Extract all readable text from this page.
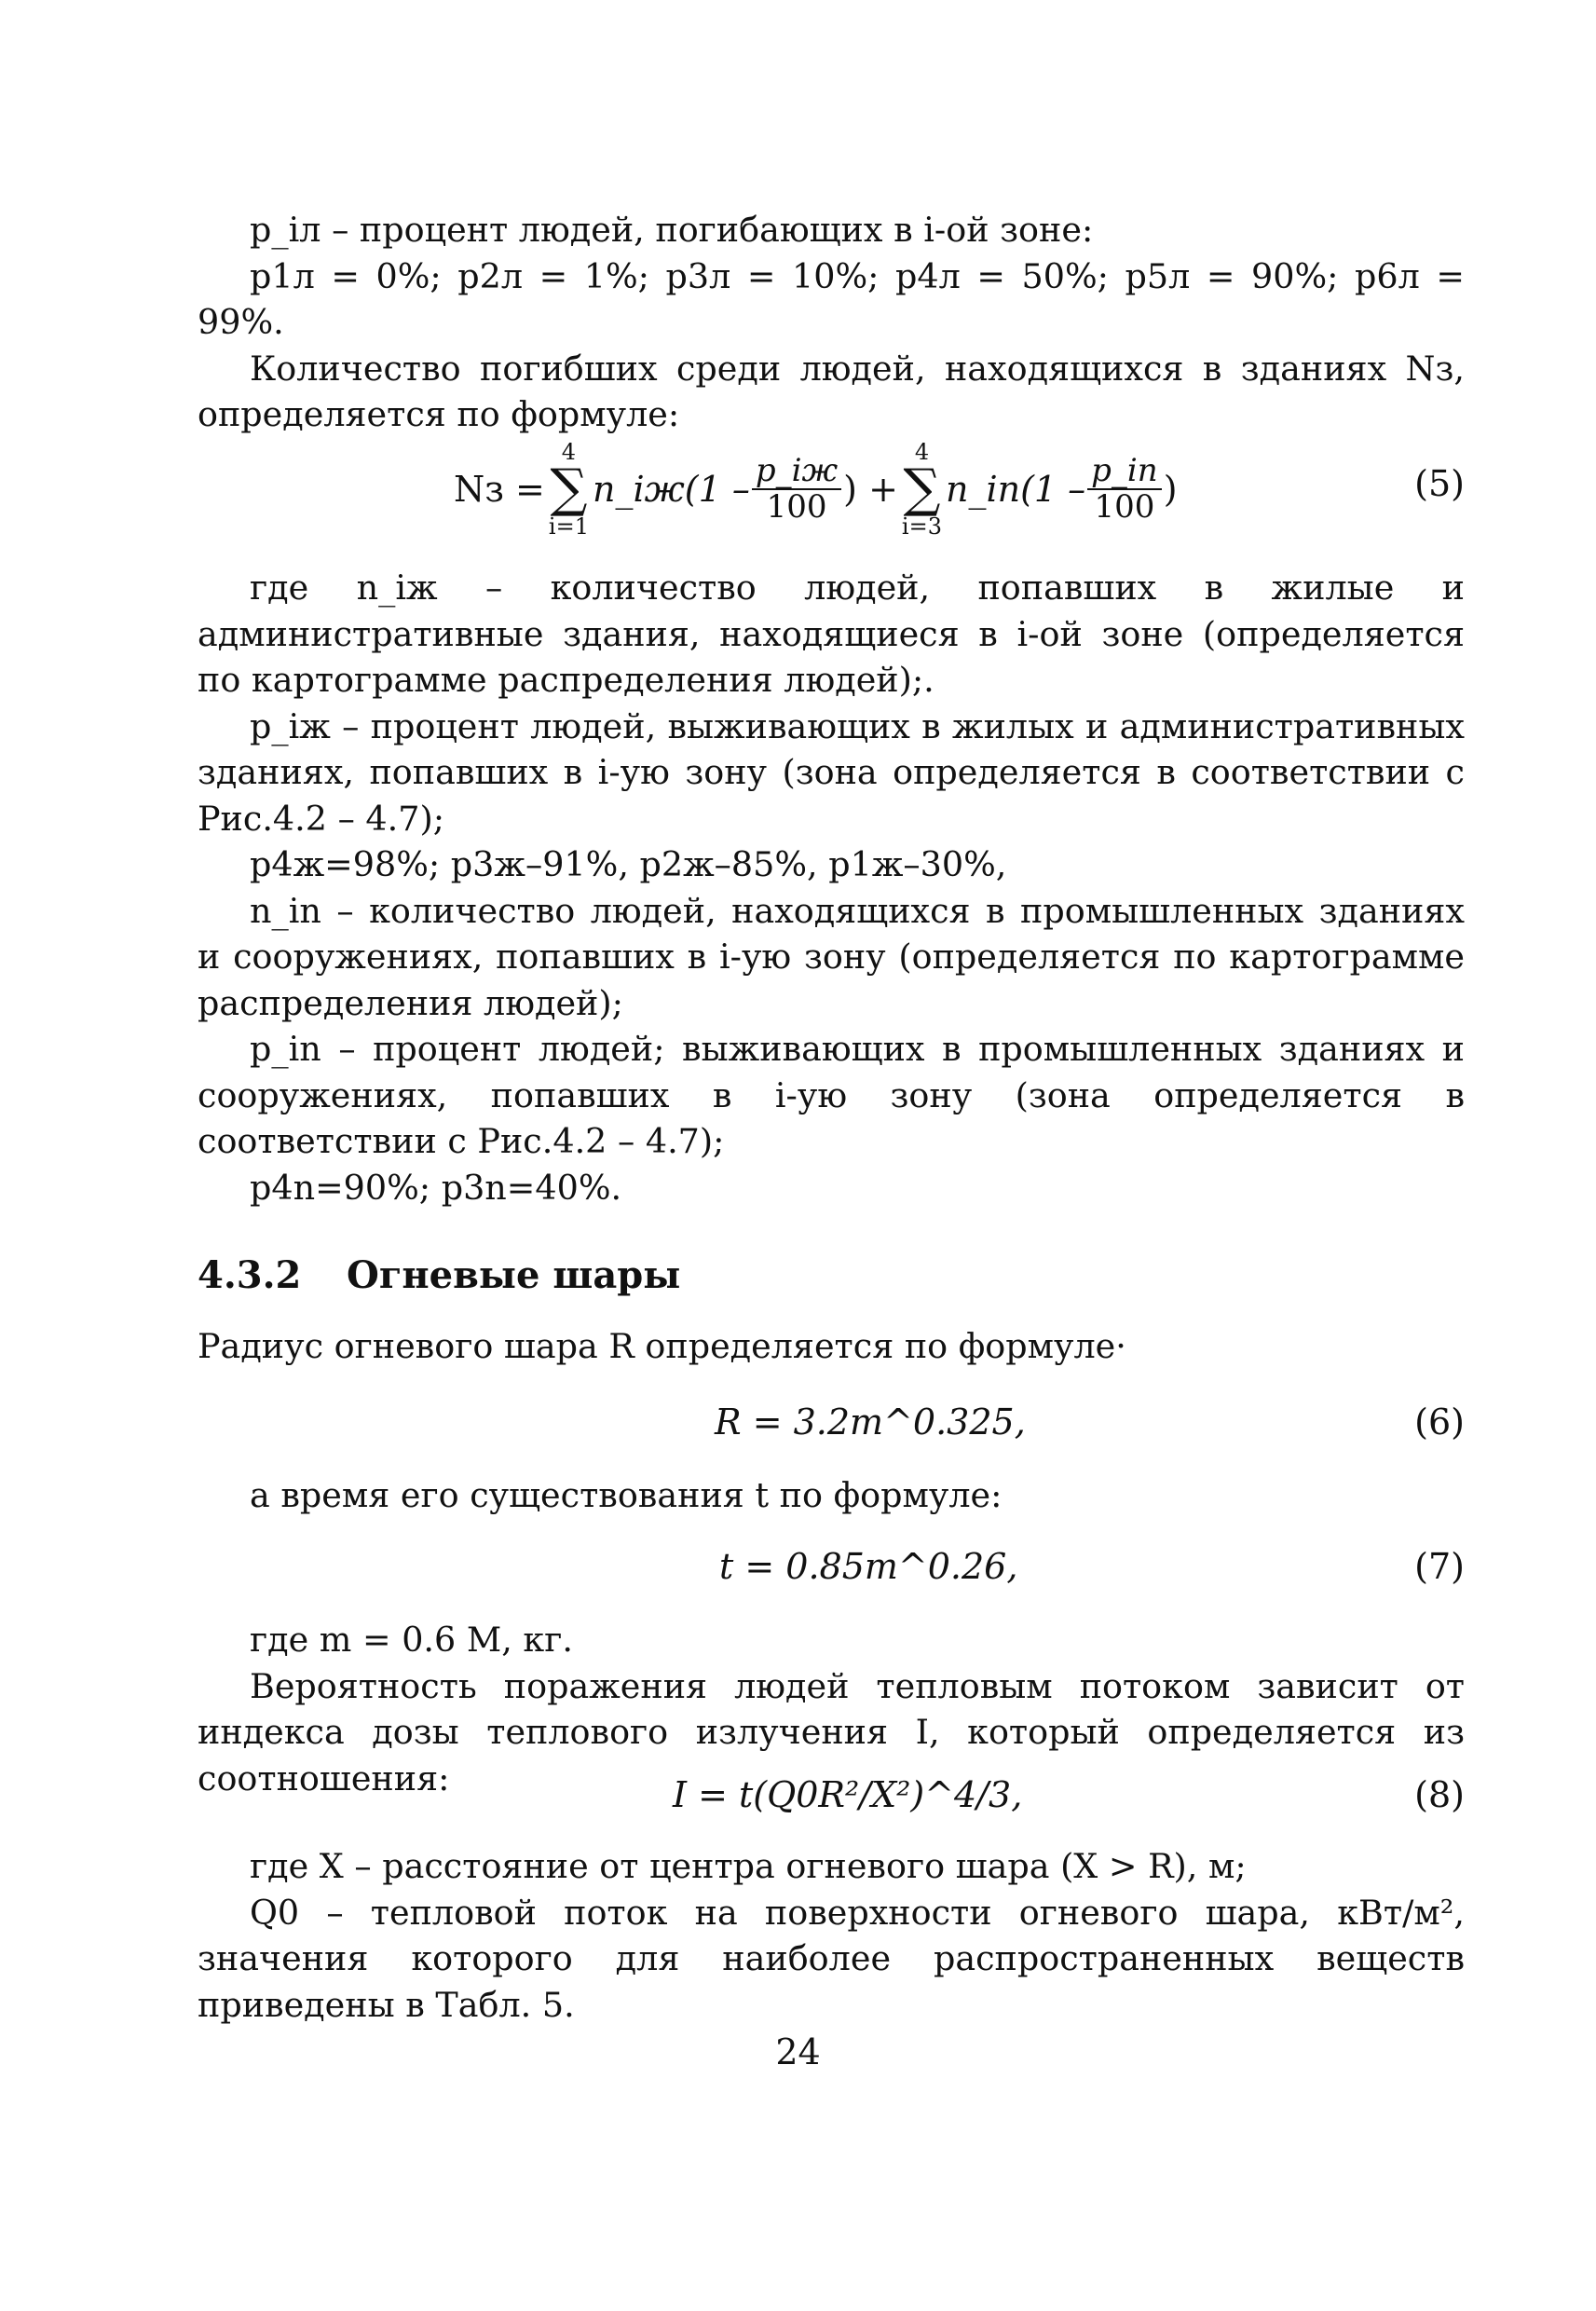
p_iл – процент людей, погибающих в i-ой зоне:

p1л = 0%; p2л = 1%; p3л = 10%; p4л = 50%; p5л = 90%; p6л = 99%.

Количество погибших среди людей, находящихся в зданиях Nз, определяется по формуле:

Nз =
4
∑
i=1
n_iж(1 – $\frac{p\_iж}{100}$ ) +
4
∑
i=3
n_in(1 – $\frac{p\_in}{100}$ )	(5)

где n_iж – количество людей, попавших в жилые и административные здания, находящиеся в i-ой зоне (определяется по картограмме распределения людей);.

p_iж – процент людей, выживающих в жилых и административных зданиях, попавших в i-ую зону (зона определяется в соответствии с Рис.4.2 – 4.7);

p4ж=98%; p3ж–91%, p2ж–85%, p1ж–30%,

n_in – количество людей, находящихся в промышленных зданиях и сооружениях, попавших в i-ую зону (определяется по картограмме распределения людей);

p_in – процент людей; выживающих в промышленных зданиях и сооружениях, попавших в i-ую зону (зона определяется в соответствии с Рис.4.2 – 4.7);

p4n=90%; p3n=40%.

4.3.2 Огневые шары

Радиус огневого шара R определяется по формуле·

R = 3.2m^0.325,	(6)

а время его существования t по формуле:

t = 0.85m^0.26,	(7)

где m = 0.6 M, кг.

Вероятность поражения людей тепловым потоком зависит от индекса дозы теплового излучения I, который определяется из соотношения:	I = t(Q0R²/X²)^4/3,	(8)

где X – расстояние от центра огневого шара (X > R), м;

Q0 – тепловой поток на поверхности огневого шара, кВт/м², значения которого для наиболее распространенных веществ приведены в Табл. 5.

24
